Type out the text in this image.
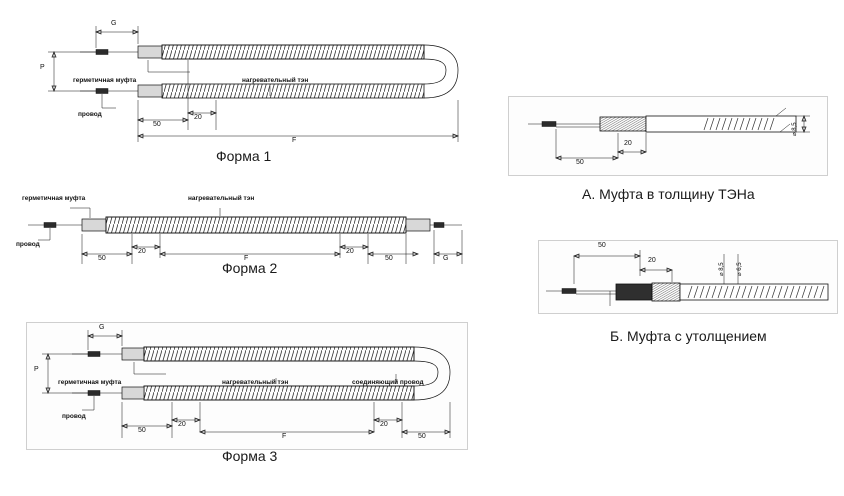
G
P
герметичная муфта	нагревательный тэн
провод
50
20
F
Форма 1
герметичная муфта	нагревательный тэн
провод
50
20
F
20
50	G
Форма 2
G
P
герметичная муфта	нагревательный тэн	соединяющий провод
провод
50
20
F
20
50
Форма 3
50
20
⌀ 8,5
А. Муфта в толщину ТЭНа
50
20
⌀ 8,5 ⌀ 6,5
Б. Муфта с утолщением
